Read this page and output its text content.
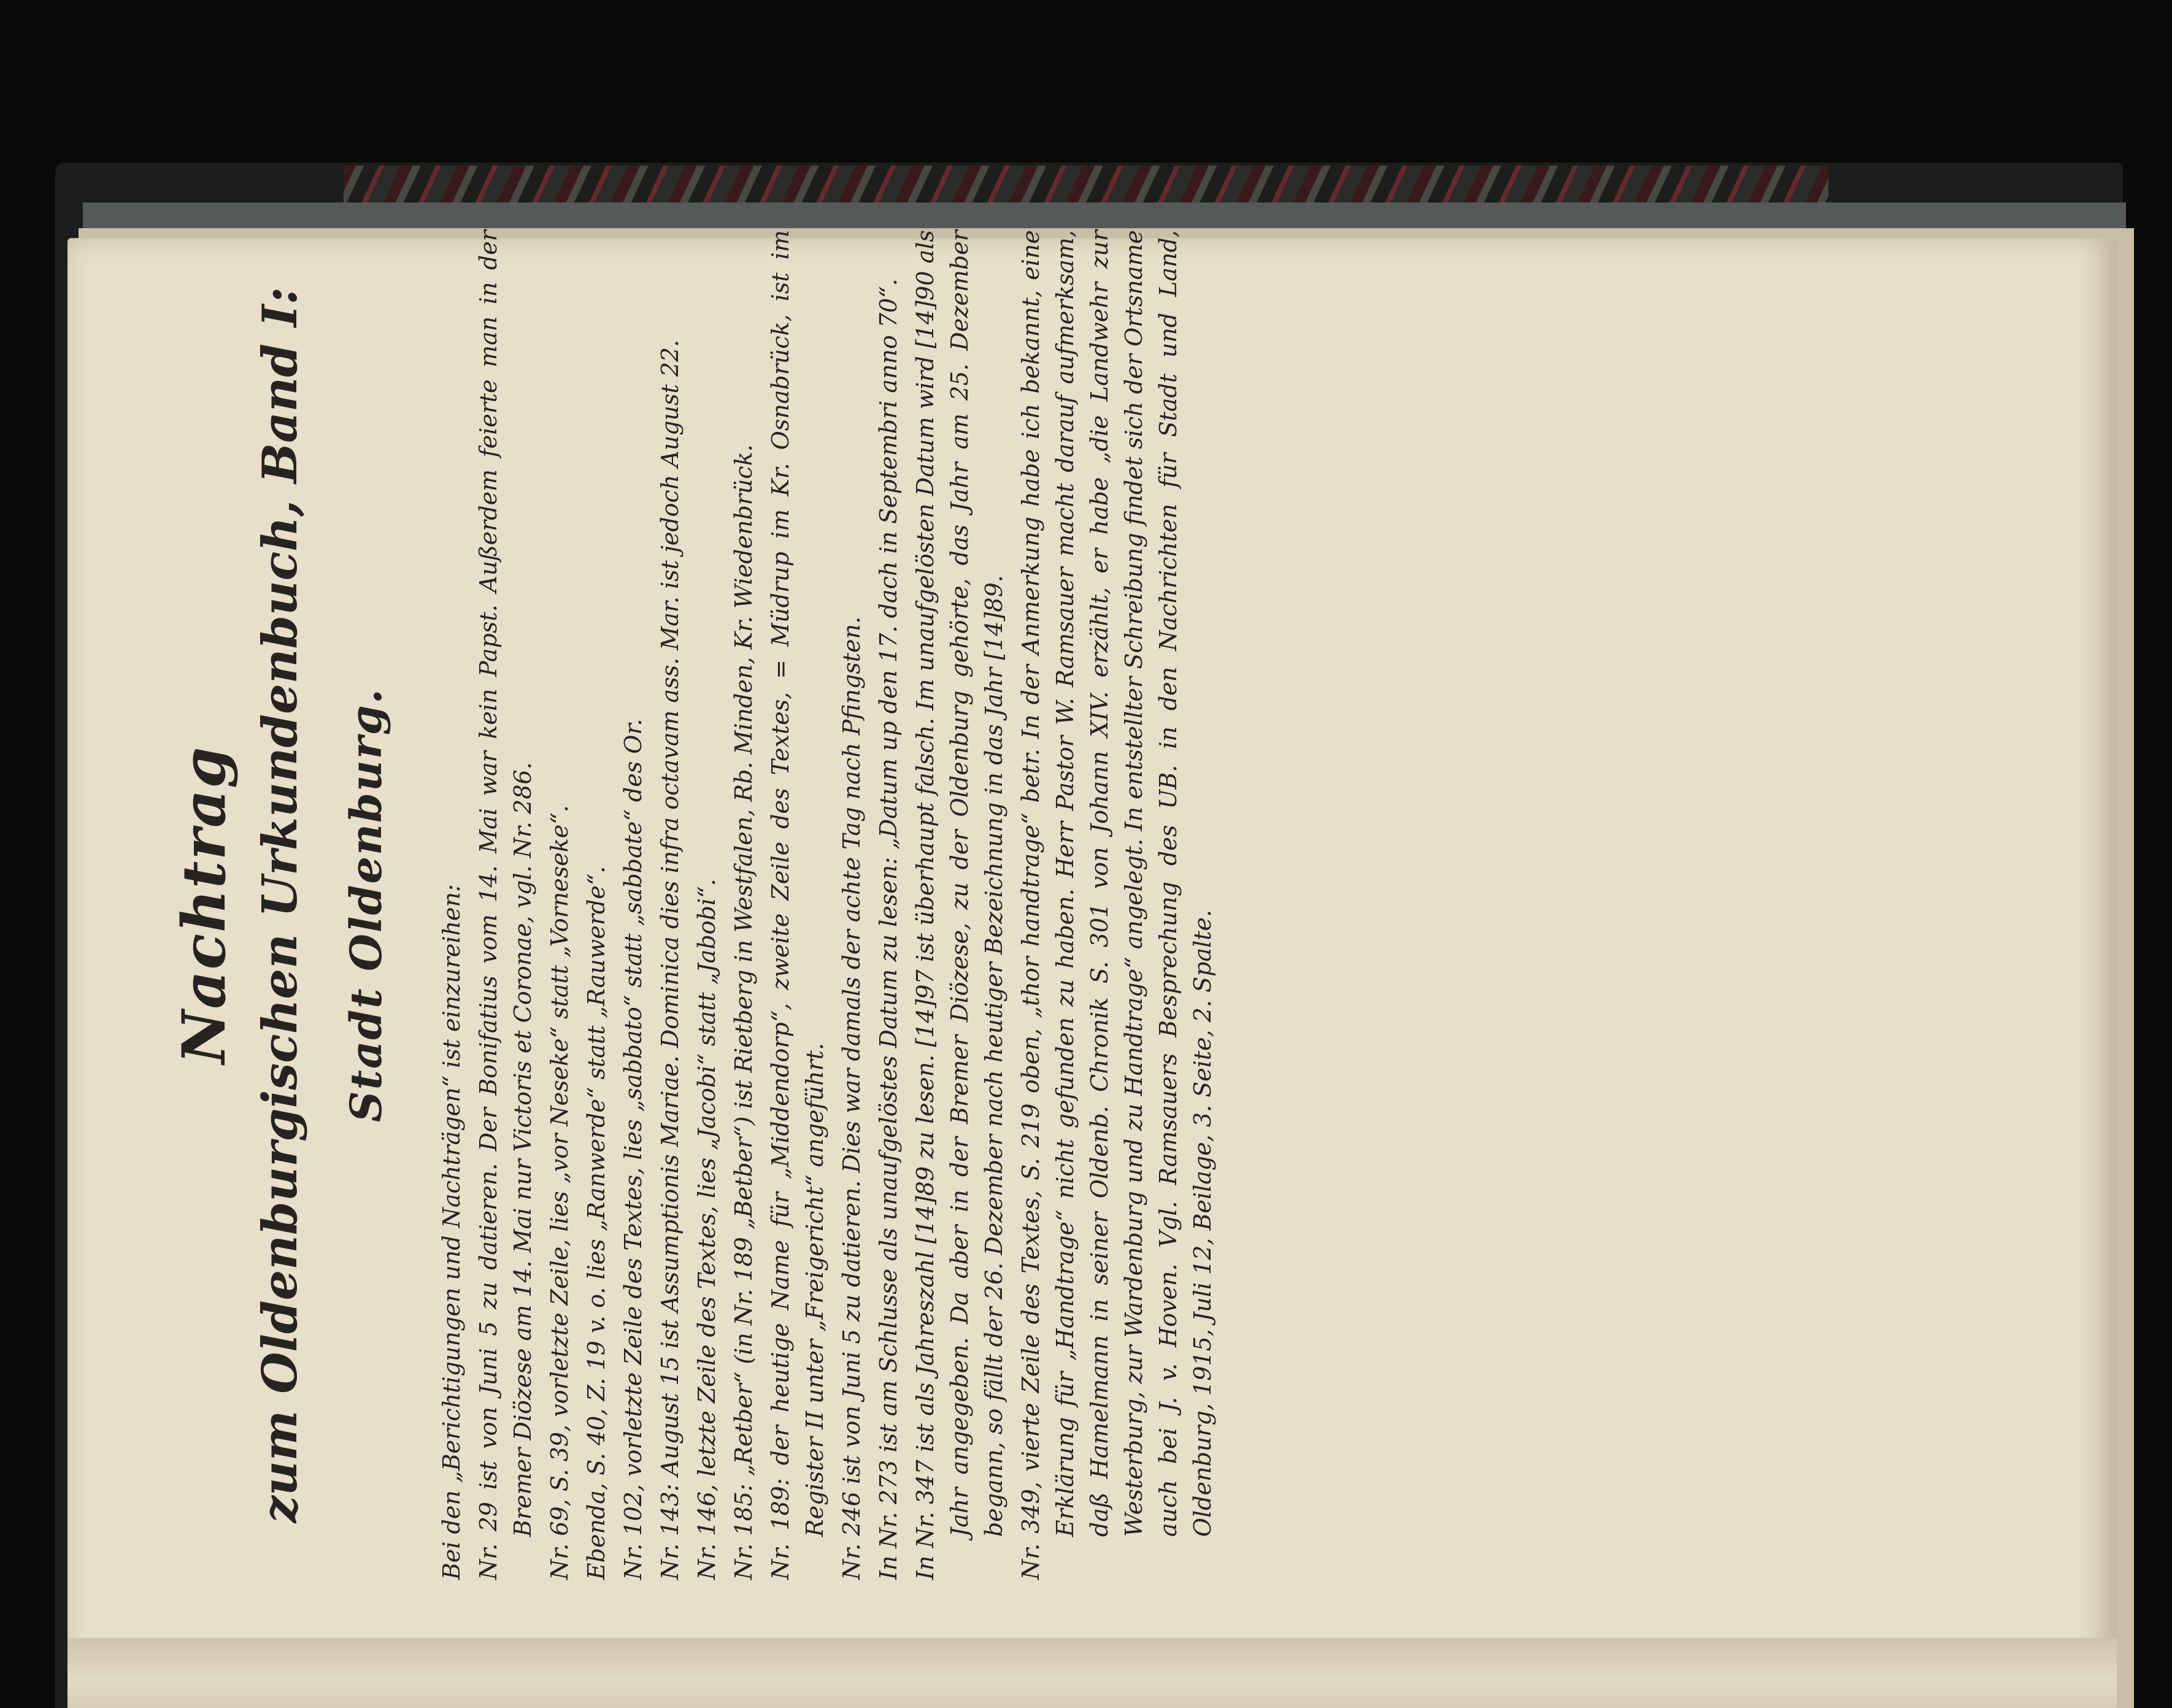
Nachtrag zum Oldenburgischen Urkundenbuch, Band I: Stadt Oldenburg. Bei den „Berichtigungen und Nachträgen“ ist einzureihen: Nr. 29 ist von Juni 5 zu datieren. Der Bonifatius vom 14. Mai war kein Papst. Außerdem feierte man in der Bremer Diözese am 14. Mai nur Victoris et Coronae, vgl. Nr. 286. Nr. 69, S. 39, vorletzte Zeile, lies „vor Neseke“ statt „Vorneseke“. Ebenda, S. 40, Z. 19 v. o. lies „Ranwerde“ statt „Rauwerde“. Nr. 102, vorletzte Zeile des Textes, lies „sabbato“ statt „sabbate“ des Or. Nr. 143: August 15 ist Assumptionis Mariae. Dominica dies infra octavam ass. Mar. ist jedoch August 22. Nr. 146, letzte Zeile des Textes, lies „Jacobi“ statt „Jabobi“. Nr. 185: „Retber“ (in Nr. 189 „Betber“) ist Rietberg in Westfalen, Rb. Minden, Kr. Wiedenbrück. Nr. 189: der heutige Name für „Middendorp“, zweite Zeile des Textes, = Müdrup im Kr. Osnabrück, ist im Register II unter „Freigericht“ angeführt. Nr. 246 ist von Juni 5 zu datieren. Dies war damals der achte Tag nach Pfingsten. In Nr. 273 ist am Schlusse als unaufgelöstes Datum zu lesen: „Datum up den 17. dach in Septembri anno 70“. In Nr. 347 ist als Jahreszahl [14]89 zu lesen. [14]97 ist überhaupt falsch. Im unaufgelösten Datum wird [14]90 als Jahr angegeben. Da aber in der Bremer Diözese, zu der Oldenburg gehörte, das Jahr am 25. Dezember begann, so fällt der 26. Dezember nach heutiger Bezeichnung in das Jahr [14]89. Nr. 349, vierte Zeile des Textes, S. 219 oben, „thor handtrage“ betr. In der Anmerkung habe ich bekannt, eine Erklärung für „Handtrage“ nicht gefunden zu haben. Herr Pastor W. Ramsauer macht darauf aufmerksam, daß Hamelmann in seiner Oldenb. Chronik S. 301 von Johann XIV. erzählt, er habe „die Landwehr zur Westerburg, zur Wardenburg und zu Handtrage“ angelegt. In entstellter Schreibung findet sich der Ortsname auch bei J. v. Hoven. Vgl. Ramsauers Besprechung des UB. in den Nachrichten für Stadt und Land, Oldenburg, 1915, Juli 12, Beilage, 3. Seite, 2. Spalte.
